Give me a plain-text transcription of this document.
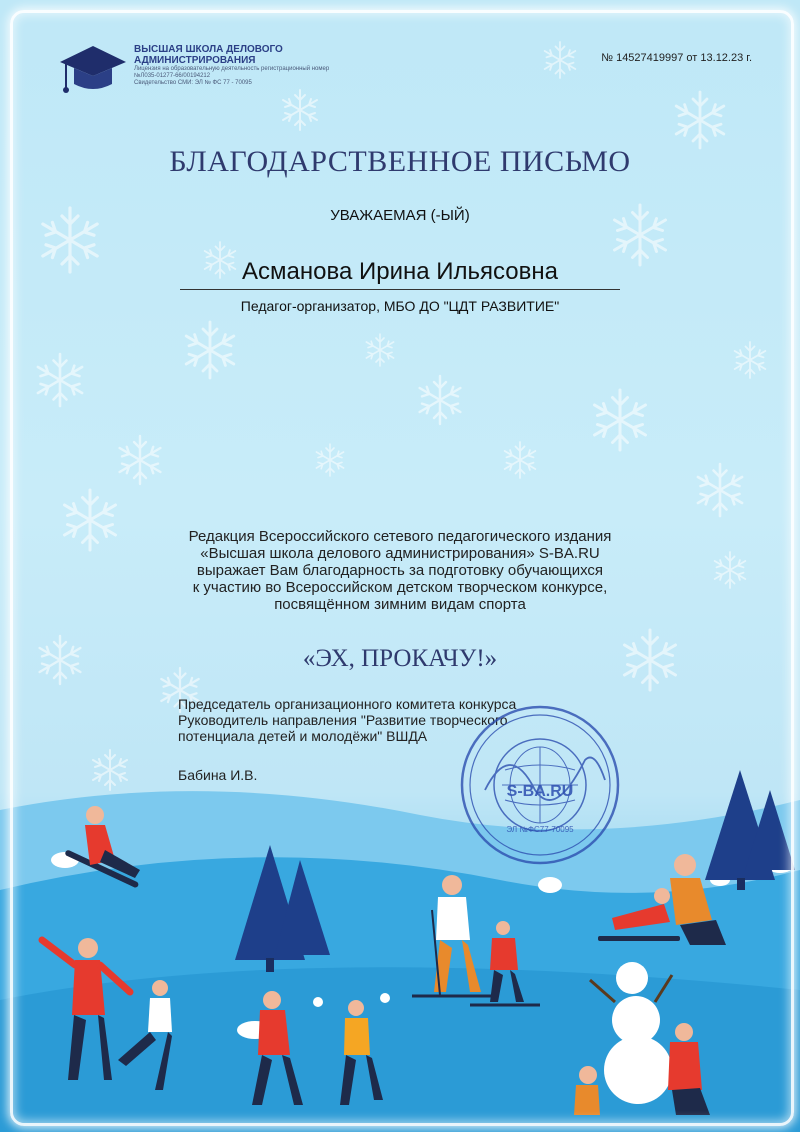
ВЫСШАЯ ШКОЛА ДЕЛОВОГО АДМИНИСТРИРОВАНИЯ
Лицензия на образовательную деятельность регистрационный номер №Л035-01277-66/00194212
Свидетельство СМИ: ЭЛ № ФС 77 - 70095
№ 14527419997 от 13.12.23 г.
БЛАГОДАРСТВЕННОЕ ПИСЬМО
УВАЖАЕМАЯ (-ЫЙ)
Асманова Ирина Ильясовна
Педагог-организатор, МБО ДО "ЦДТ РАЗВИТИЕ"
Редакция Всероссийского сетевого педагогического издания
«Высшая школа делового администрирования» S-BA.RU
выражает Вам благодарность за подготовку обучающихся
к участию во Всероссийском детском творческом конкурсе,
посвящённом зимним видам спорта
«ЭХ, ПРОКАЧУ!»
Председатель организационного комитета конкурса
Руководитель направления "Развитие творческого
потенциала детей и молодёжи" ВШДА
Бабина И.В.
S-BA.RU
ЭЛ №ФС77-70095
